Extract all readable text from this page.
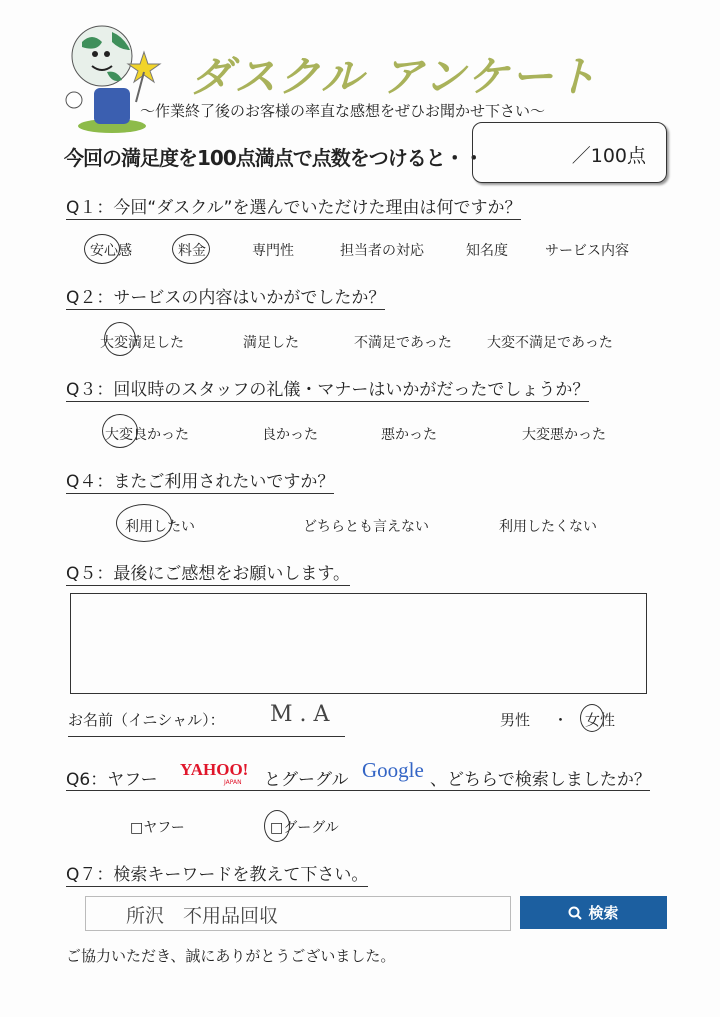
ダスクル アンケート
〜作業終了後のお客様の率直な感想をぜひお聞かせ下さい〜
今回の満足度を100点満点で点数をつけると・・	／100点
Q１：今回“ダスクル”を選んでいただけた理由は何ですか？
安心感	料金	専門性	担当者の対応	知名度	サービス内容
Q２：サービスの内容はいかがでしたか？
大変満足した	満足した	不満足であった	大変不満足であった
Q３：回収時のスタッフの礼儀・マナーはいかがだったでしょうか？
大変良かった	良かった	悪かった	大変悪かった
Q４：またご利用されたいですか？
利用したい	どちらとも言えない	利用したくない
Q５：最後にご感想をお願いします。
お名前（イニシャル）： M . A	男性 ・ 女性
Q6：ヤフー
YAHOO!
JAPAN とグーグル Google 、どちらで検索しましたか？
□ヤフー	□グーグル
Q７：検索キーワードを教えて下さい。
所沢　不用品回収	検索
ご協力いただき、誠にありがとうございました。
